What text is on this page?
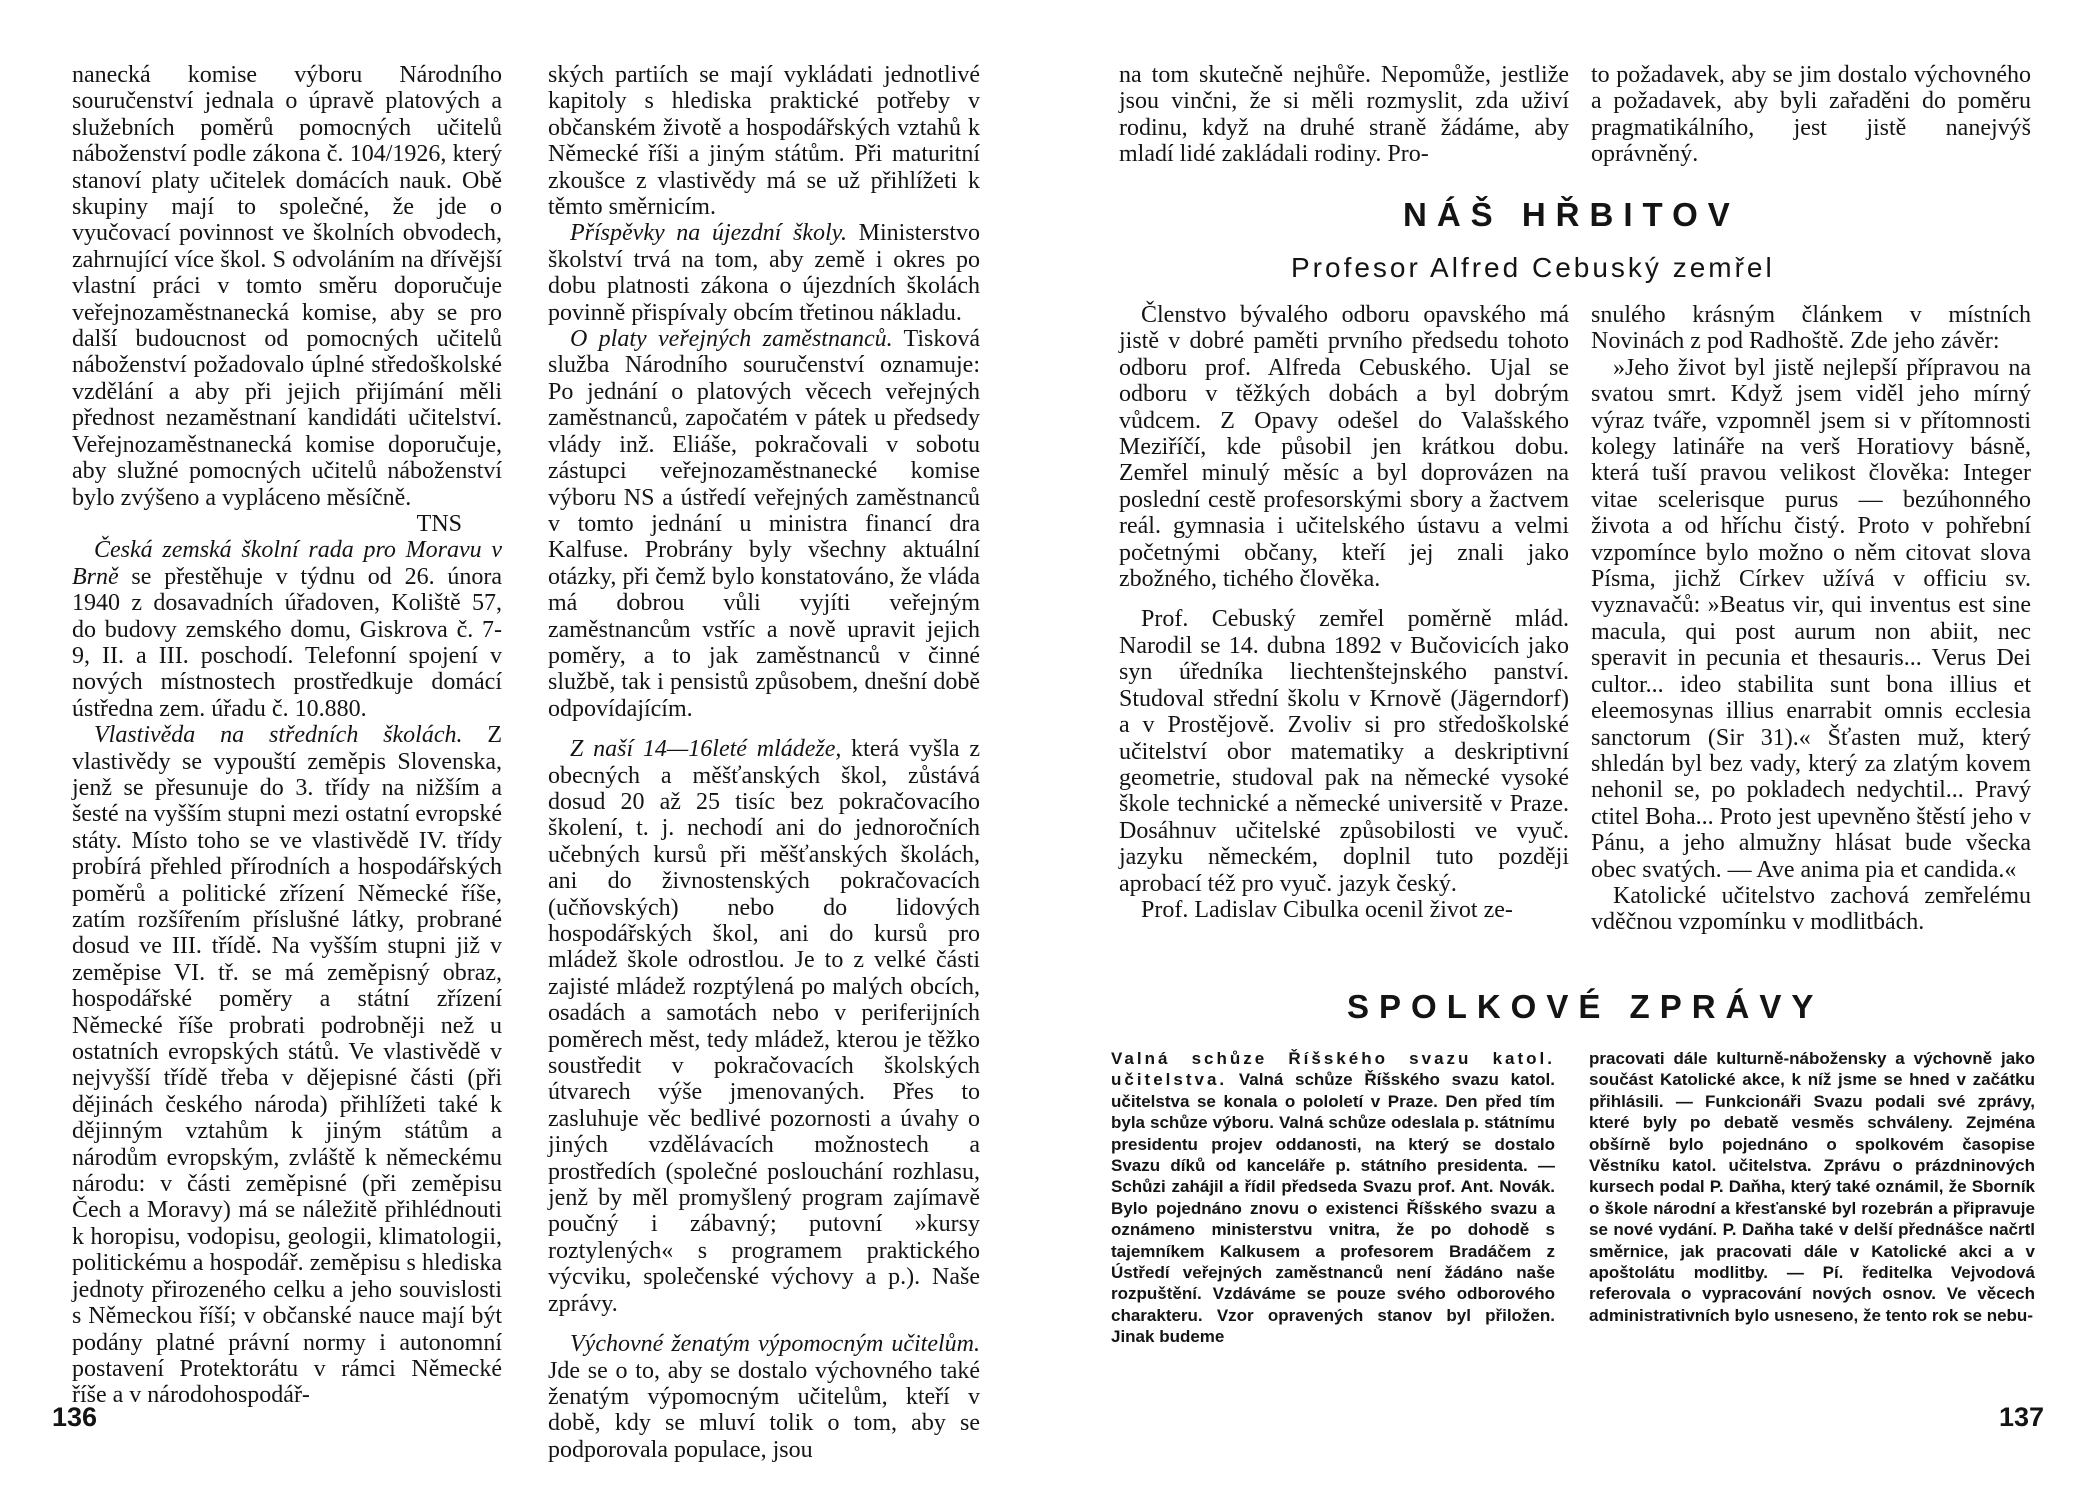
nanecká komise výboru Národního souručenství jednala o úpravě platových a služebních poměrů pomocných učitelů náboženství podle zákona č. 104/1926, který stanoví platy učitelek domácích nauk. Obě skupiny mají to společné, že jde o vyučovací povinnost ve školních obvodech, zahrnující více škol. S odvoláním na dřívější vlastní práci v tomto směru doporučuje veřejnozaměstnanecká komise, aby se pro další budoucnost od pomocných učitelů náboženství požadovalo úplné středoškolské vzdělání a aby při jejich přijímání měli přednost nezaměstnaní kandidáti učitelství. Veřejnozaměstnanecká komise doporučuje, aby služné pomocných učitelů náboženství bylo zvýšeno a vypláceno měsíčně.
TNS

Česká zemská školní rada pro Moravu v Brně se přestěhuje v týdnu od 26. února 1940 z dosavadních úřadoven, Koliště 57, do budovy zemského domu, Giskrova č. 7-9, II. a III. poschodí. Telefonní spojení v nových místnostech prostředkuje domácí ústředna zem. úřadu č. 10.880.

Vlastivěda na středních školách. Z vlastivědy se vypouští zeměpis Slovenska, jenž se přesunuje do 3. třídy na nižším a šesté na vyšším stupni mezi ostatní evropské státy. Místo toho se ve vlastivědě IV. třídy probírá přehled přírodních a hospodářských poměrů a politické zřízení Německé říše, zatím rozšířením příslušné látky, probrané dosud ve III. třídě. Na vyšším stupni již v zeměpise VI. tř. se má zeměpisný obraz, hospodářské poměry a státní zřízení Německé říše probrati podrobněji než u ostatních evropských států. Ve vlastivědě v nejvyšší třídě třeba v dějepisné části (při dějinách českého národa) přihlížeti také k dějinným vztahům k jiným státům a národům evropským, zvláště k německému národu: v části zeměpisné (při zeměpisu Čech a Moravy) má se náležitě přihlédnouti k horopisu, vodopisu, geologii, klimatologii, politickému a hospodář. zeměpisu s hlediska jednoty přirozeného celku a jeho souvislosti s Německou říší; v občanské nauce mají být podány platné právní normy i autonomní postavení Protektorátu v rámci Německé říše a v národohospodář-

ských partiích se mají vykládati jednotlivé kapitoly s hlediska praktické potřeby v občanském životě a hospodářských vztahů k Německé říši a jiným státům. Při maturitní zkoušce z vlastivědy má se už přihlížeti k těmto směrnicím.

Příspěvky na újezdní školy. Ministerstvo školství trvá na tom, aby země i okres po dobu platnosti zákona o újezdních školách povinně přispívaly obcím třetinou nákladu.

O platy veřejných zaměstnanců. Tisková služba Národního souručenství oznamuje: Po jednání o platových věcech veřejných zaměstnanců, započatém v pátek u předsedy vlády inž. Eliáše, pokračovali v sobotu zástupci veřejnozaměstnanecké komise výboru NS a ústředí veřejných zaměstnanců v tomto jednání u ministra financí dra Kalfuse. Probrány byly všechny aktuální otázky, při čemž bylo konstatováno, že vláda má dobrou vůli vyjíti veřejným zaměstnancům vstříc a nově upravit jejich poměry, a to jak zaměstnanců v činné službě, tak i pensistů způsobem, dnešní době odpovídajícím.

Z naší 14—16leté mládeže, která vyšla z obecných a měšťanských škol, zůstává dosud 20 až 25 tisíc bez pokračovacího školení, t. j. nechodí ani do jednoročních učebných kursů při měšťanských školách, ani do živnostenských pokračovacích (učňovských) nebo do lidových hospodářských škol, ani do kursů pro mládež škole odrostlou. Je to z velké části zajisté mládež rozptýlená po malých obcích, osadách a samotách nebo v periferijních poměrech měst, tedy mládež, kterou je těžko soustředit v pokračovacích školských útvarech výše jmenovaných. Přes to zasluhuje věc bedlivé pozornosti a úvahy o jiných vzdělávacích možnostech a prostředích (společné poslouchání rozhlasu, jenž by měl promyšlený program zajímavě poučný i zábavný; putovní »kursy roztylených« s programem praktického výcviku, společenské výchovy a p.). Naše zprávy.

Výchovné ženatým výpomocným učitelům. Jde se o to, aby se dostalo výchovného také ženatým výpomocným učitelům, kteří v době, kdy se mluví tolik o tom, aby se podporovala populace, jsou

136

na tom skutečně nejhůře. Nepomůže, jestliže jsou vinčni, že si měli rozmyslit, zda uživí rodinu, když na druhé straně žádáme, aby mladí lidé zakládali rodiny. Pro-

to požadavek, aby se jim dostalo výchovného a požadavek, aby byli zařaděni do poměru pragmatikálního, jest jistě nanejvýš oprávněný.

NÁŠ HŘBITOV
Profesor Alfred Cebuský zemřel

Členstvo bývalého odboru opavského má jistě v dobré paměti prvního předsedu tohoto odboru prof. Alfreda Cebuského. Ujal se odboru v těžkých dobách a byl dobrým vůdcem. Z Opavy odešel do Valašského Meziříčí, kde působil jen krátkou dobu. Zemřel minulý měsíc a byl doprovázen na poslední cestě profesorskými sbory a žactvem reál. gymnasia i učitelského ústavu a velmi početnými občany, kteří jej znali jako zbožného, tichého člověka.

Prof. Cebuský zemřel poměrně mlád. Narodil se 14. dubna 1892 v Bučovicích jako syn úředníka liechtenštejnského panství. Studoval střední školu v Krnově (Jägerndorf) a v Prostějově. Zvoliv si pro středoškolské učitelství obor matematiky a deskriptivní geometrie, studoval pak na německé vysoké škole technické a německé universitě v Praze. Dosáhnuv učitelské způsobilosti ve vyuč. jazyku německém, doplnil tuto později aprobací též pro vyuč. jazyk český.

Prof. Ladislav Cibulka ocenil život ze-

snulého krásným článkem v místních Novinách z pod Radhoště. Zde jeho závěr:

»Jeho život byl jistě nejlepší přípravou na svatou smrt. Když jsem viděl jeho mírný výraz tváře, vzpomněl jsem si v přítomnosti kolegy latináře na verš Horatiovy básně, která tuší pravou velikost člověka: Integer vitae scelerisque purus — bezúhonného života a od hříchu čistý. Proto v pohřební vzpomínce bylo možno o něm citovat slova Písma, jichž Církev užívá v officiu sv. vyznavačů: »Beatus vir, qui inventus est sine macula, qui post aurum non abiit, nec speravit in pecunia et thesauris... Verus Dei cultor... ideo stabilita sunt bona illius et eleemosynas illius enarrabit omnis ecclesia sanctorum (Sir 31).« Šťasten muž, který shledán byl bez vady, který za zlatým kovem nehonil se, po pokladech nedychtil... Pravý ctitel Boha... Proto jest upevněno štěstí jeho v Pánu, a jeho almužny hlásat bude všecka obec svatých. — Ave anima pia et candida.«

Katolické učitelstvo zachová zemřelému vděčnou vzpomínku v modlitbách.

SPOLKOVÉ ZPRÁVY

Valná schůze Říšského svazu katol. učitelstva. Valná schůze Říšského svazu katol. učitelstva se konala o pololetí v Praze. Den před tím byla schůze výboru. Valná schůze odeslala p. státnímu presidentu projev oddanosti, na který se dostalo Svazu díků od kanceláře p. státního presidenta. — Schůzi zahájil a řídil předseda Svazu prof. Ant. Novák. Bylo pojednáno znovu o existenci Říšského svazu a oznámeno ministerstvu vnitra, že po dohodě s tajemníkem Kalkusem a profesorem Bradáčem z Ústředí veřejných zaměstnanců není žádáno naše rozpuštění. Vzdáváme se pouze svého odborového charakteru. Vzor opravených stanov byl přiložen. Jinak budeme

pracovati dále kulturně-nábožensky a výchovně jako součást Katolické akce, k níž jsme se hned v začátku přihlásili. — Funkcionáři Svazu podali své zprávy, které byly po debatě vesměs schváleny. Zejména obšírně bylo pojednáno o spolkovém časopise Věstníku katol. učitelstva. Zprávu o prázdninových kursech podal P. Daňha, který také oznámil, že Sborník o škole národní a křesťanské byl rozebrán a připravuje se nové vydání. P. Daňha také v delší přednášce načrtl směrnice, jak pracovati dále v Katolické akci a v apoštolátu modlitby. — Pí. ředitelka Vejvodová referovala o vypracování nových osnov. Ve věcech administrativních bylo usneseno, že tento rok se nebu-

137
